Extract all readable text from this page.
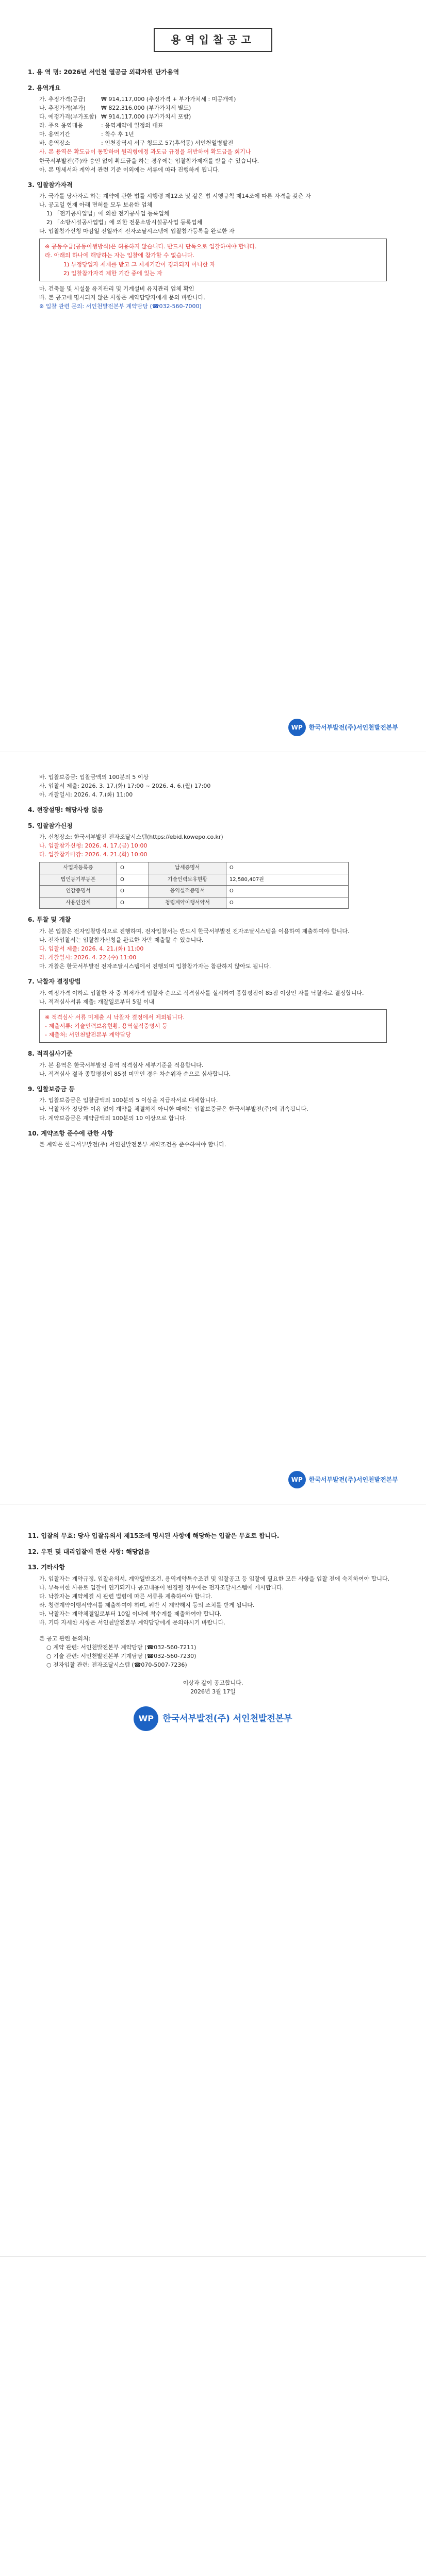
용역입찰공고
1. 용 역 명: 2026년 서인천 열공급 외곽자원 단가용역
2. 용역개요
가. 추정가격(공급)	₩ 914,117,000 (추정가격 + 부가가치세 : 미공개예)
나. 추정가격(부가)	₩ 822,316,000 (부가가치세 별도)
다. 예정가격(부가포함) ₩ 914,117,000 (부가가치세 포함)
라. 주요 용역대용	: 용역계약에 일정의 대표
마. 용역기간	: 착수 후 1년
바. 용역장소	: 인천광역시 서구 청도로 57(후석동) 서인천열병발전
사. 본 용역은 확도금이 통합하며 원리형예정 과도금 규정을 위반하여 확도금을 회기나
한국서부발전(주)와 승인 없이 확도금을 하는 경우에는 입찰참가제재를 받을 수 있습니다.
아. 본 명세서와 계약서 관련 기준 이외에는 서류에 따라 진행하게 됩니다.
3. 입찰참가자격
가. 국가를 당사자로 하는 계약에 관한 법률 시행령 제12조 및 같은 법 시행규칙 제14조에 따른 자격을 갖춘 자
나. 공고일 현재 아래 면허를 모두 보유한 업체
1) 「전기공사업법」에 의한 전기공사업 등록업체
2) 「소방시설공사업법」에 의한 전문소방시설공사업 등록업체
다. 입찰참가신청 마감일 전일까지 전자조달시스템에 입찰참가등록을 완료한 자
※ 공동수급(공동이행방식)은 허용하지 않습니다. 반드시 단독으로 입찰하여야 합니다.
라. 아래의 하나에 해당하는 자는 입찰에 참가할 수 없습니다.
1) 부정당업자 제재를 받고 그 제재기간이 경과되지 아니한 자
2) 입찰참가자격 제한 기간 중에 있는 자
마. 건축물 및 시설물 유지관리 및 기계설비 유지관리 업체 확인
바. 본 공고에 명시되지 않은 사항은 계약담당자에게 문의 바랍니다.
※ 입찰 관련 문의: 서인천발전본부 계약담당 (☎032-560-7000)
WP 한국서부발전(주)서인천발전본부
바. 입찰보증금: 입찰금액의 100분의 5 이상
사. 입찰서 제출: 2026. 3. 17.(화) 17:00 ~ 2026. 4. 6.(월) 17:00
아. 개찰일시: 2026. 4. 7.(화) 11:00
4. 현장설명: 해당사항 없음
5. 입찰참가신청
가. 신청장소: 한국서부발전 전자조달시스템(https://ebid.kowepo.co.kr)
나. 입찰참가신청: 2026. 4. 17.(금) 10:00
다. 입찰참가마감: 2026. 4. 21.(화) 10:00
사업자등록증	O	납세증명서	O
법인등기부등본	O	기술인력보유현황	12,580,407원
인감증명서	O	용역실적증명서	O
사용인감계	O	청렴계약이행서약서	O
6. 투찰 및 개찰
가. 본 입찰은 전자입찰방식으로 진행하며, 전자입찰서는 반드시 한국서부발전 전자조달시스템을 이용하여 제출하여야 합니다.
나. 전자입찰서는 입찰참가신청을 완료한 자만 제출할 수 있습니다.
다. 입찰서 제출: 2026. 4. 21.(화) 11:00
라. 개찰일시: 2026. 4. 22.(수) 11:00
마. 개찰은 한국서부발전 전자조달시스템에서 진행되며 입찰참가자는 참관하지 않아도 됩니다.
7. 낙찰자 결정방법
가. 예정가격 이하로 입찰한 자 중 최저가격 입찰자 순으로 적격심사를 실시하여 종합평점이 85점 이상인 자를 낙찰자로 결정합니다.
나. 적격심사서류 제출: 개찰일로부터 5일 이내
※ 적격심사 서류 미제출 시 낙찰자 결정에서 제외됩니다.
- 제출서류: 기술인력보유현황, 용역실적증명서 등
- 제출처: 서인천발전본부 계약담당
8. 적격심사기준
가. 본 용역은 한국서부발전 용역 적격심사 세부기준을 적용합니다.
나. 적격심사 결과 종합평점이 85점 미만인 경우 차순위자 순으로 심사합니다.
9. 입찰보증금 등
가. 입찰보증금은 입찰금액의 100분의 5 이상을 지급각서로 대체합니다.
나. 낙찰자가 정당한 이유 없이 계약을 체결하지 아니한 때에는 입찰보증금은 한국서부발전(주)에 귀속됩니다.
다. 계약보증금은 계약금액의 100분의 10 이상으로 합니다.
10. 계약조항 준수에 관한 사항
본 계약은 한국서부발전(주) 서인천발전본부 계약조건을 준수하여야 합니다.
WP 한국서부발전(주)서인천발전본부
11. 입찰의 무효: 당사 입찰유의서 제15조에 명시된 사항에 해당하는 입찰은 무효로 합니다.
12. 우편 및 대리입찰에 관한 사항: 해당없음
13. 기타사항
가. 입찰자는 계약규정, 입찰유의서, 계약일반조건, 용역계약특수조건 및 입찰공고 등 입찰에 필요한 모든 사항을 입찰 전에 숙지하여야 합니다.
나. 부득이한 사유로 입찰이 연기되거나 공고내용이 변경될 경우에는 전자조달시스템에 게시합니다.
다. 낙찰자는 계약체결 시 관련 법령에 따른 서류를 제출하여야 합니다.
라. 청렴계약이행서약서를 제출하여야 하며, 위반 시 계약해지 등의 조치를 받게 됩니다.
마. 낙찰자는 계약체결일로부터 10일 이내에 착수계를 제출하여야 합니다.
바. 기타 자세한 사항은 서인천발전본부 계약담당에게 문의하시기 바랍니다.
본 공고 관련 문의처:
○ 계약 관련: 서인천발전본부 계약담당 (☎032-560-7211)
○ 기술 관련: 서인천발전본부 기계담당 (☎032-560-7230)
○ 전자입찰 관련: 전자조달시스템 (☎070-5007-7236)
이상과 같이 공고합니다.
2026년 3월 17일
WP	한국서부발전(주) 서인천발전본부
